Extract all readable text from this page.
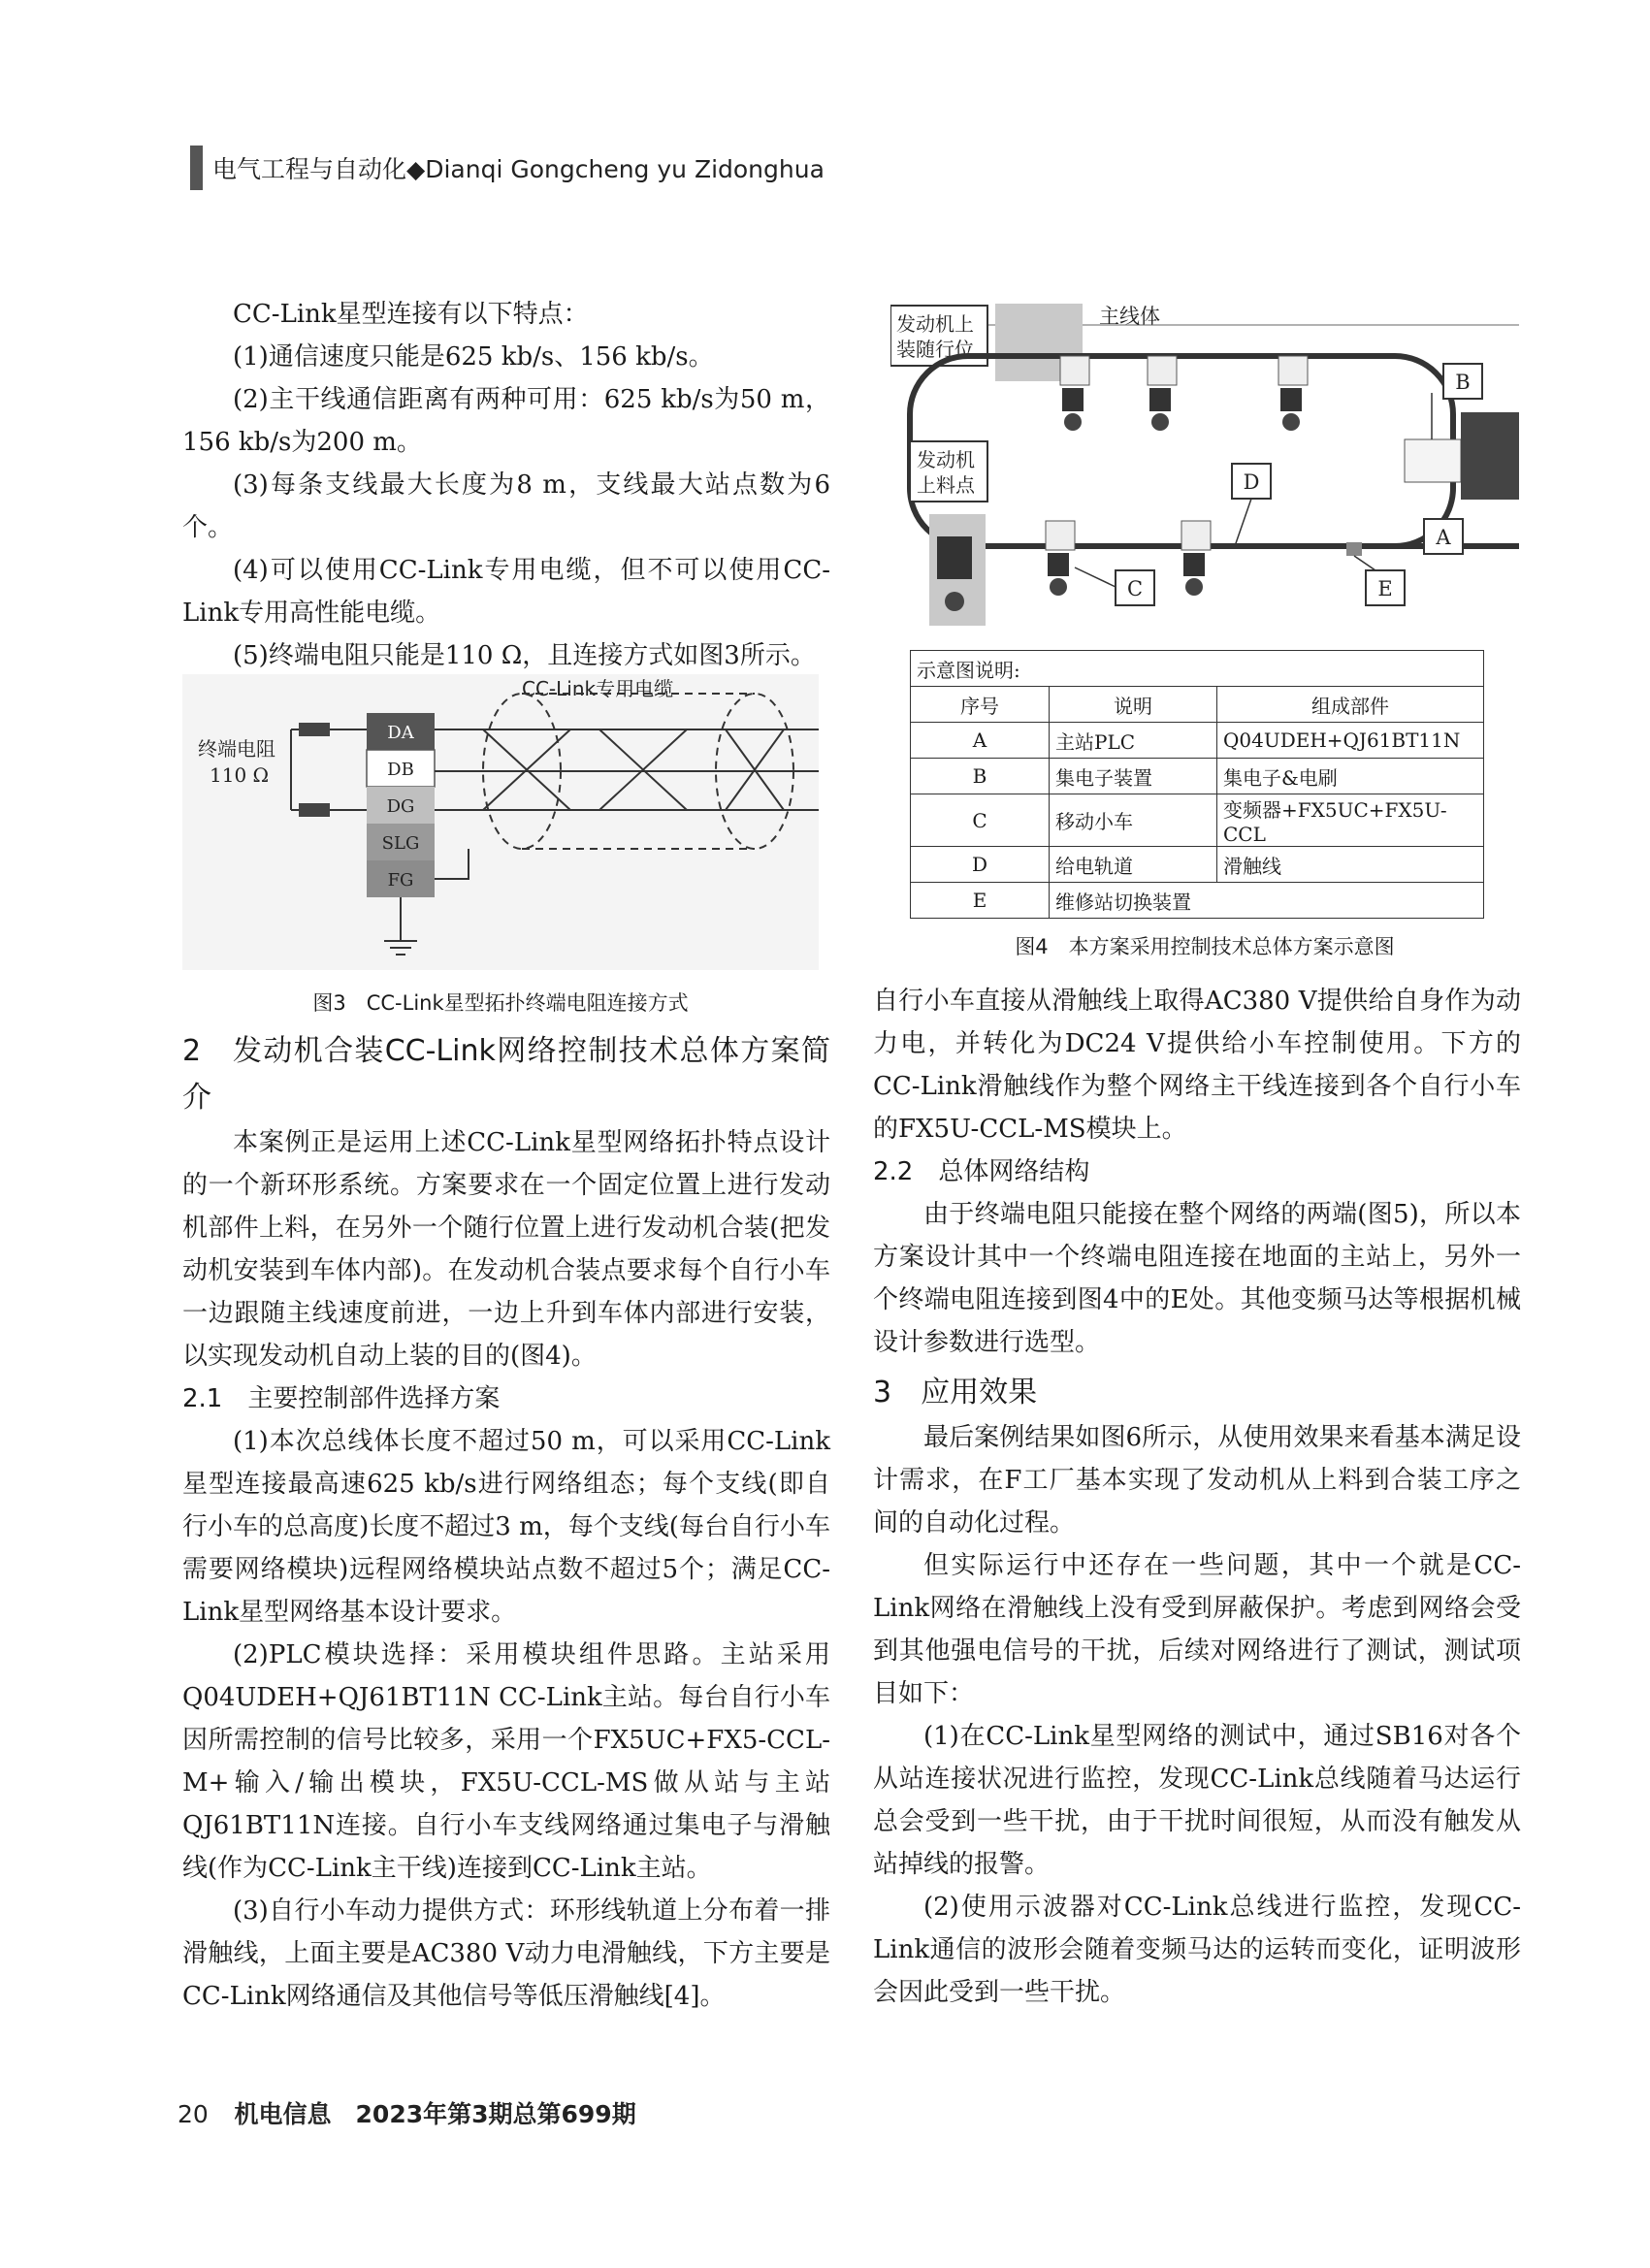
电气工程与自动化◆Dianqi Gongcheng yu Zidonghua

CC-Link星型连接有以下特点：

(1)通信速度只能是625 kb/s、156 kb/s。

(2)主干线通信距离有两种可用：625 kb/s为50 m，156 kb/s为200 m。

(3)每条支线最大长度为8 m，支线最大站点数为6个。

(4)可以使用CC-Link专用电缆，但不可以使用CC-Link专用高性能电缆。

(5)终端电阻只能是110 Ω，且连接方式如图3所示。

终端电阻
110 Ω
CC-Link专用电缆
DA
DB
DG
SLG
FG
图3　CC-Link星型拓扑终端电阻连接方式
2　发动机合装CC-Link网络控制技术总体方案简介

本案例正是运用上述CC-Link星型网络拓扑特点设计的一个新环形系统。方案要求在一个固定位置上进行发动机部件上料，在另外一个随行位置上进行发动机合装(把发动机安装到车体内部)。在发动机合装点要求每个自行小车一边跟随主线速度前进，一边上升到车体内部进行安装，以实现发动机自动上装的目的(图4)。

2.1　主要控制部件选择方案

(1)本次总线体长度不超过50 m，可以采用CC-Link星型连接最高速625 kb/s进行网络组态；每个支线(即自行小车的总高度)长度不超过3 m，每个支线(每台自行小车需要网络模块)远程网络模块站点数不超过5个；满足CC-Link星型网络基本设计要求。

(2)PLC模块选择：采用模块组件思路。主站采用Q04UDEH+QJ61BT11N CC-Link主站。每台自行小车因所需控制的信号比较多，采用一个FX5UC+FX5-CCL-M+输入/输出模块，FX5U-CCL-MS做从站与主站QJ61BT11N连接。自行小车支线网络通过集电子与滑触线(作为CC-Link主干线)连接到CC-Link主站。

(3)自行小车动力提供方式：环形线轨道上分布着一排滑触线，上面主要是AC380 V动力电滑触线，下方主要是CC-Link网络通信及其他信号等低压滑触线[4]。

发动机上
装随行位
主线体
发动机
上料点
B
A
D
C	E
示意图说明:		
序号	说明	组成部件
A	主站PLC	Q04UDEH+QJ61BT11N
B	集电子装置	集电子&电刷
C	移动小车	变频器+FX5UC+FX5U-CCL
D	给电轨道	滑触线
E	维修站切换装置	
图4　本方案采用控制技术总体方案示意图

自行小车直接从滑触线上取得AC380 V提供给自身作为动力电，并转化为DC24 V提供给小车控制使用。下方的CC-Link滑触线作为整个网络主干线连接到各个自行小车的FX5U-CCL-MS模块上。

2.2　总体网络结构

由于终端电阻只能接在整个网络的两端(图5)，所以本方案设计其中一个终端电阻连接在地面的主站上，另外一个终端电阻连接到图4中的E处。其他变频马达等根据机械设计参数进行选型。

3　应用效果

最后案例结果如图6所示，从使用效果来看基本满足设计需求，在F工厂基本实现了发动机从上料到合装工序之间的自动化过程。

但实际运行中还存在一些问题，其中一个就是CC-Link网络在滑触线上没有受到屏蔽保护。考虑到网络会受到其他强电信号的干扰，后续对网络进行了测试，测试项目如下：

(1)在CC-Link星型网络的测试中，通过SB16对各个从站连接状况进行监控，发现CC-Link总线随着马达运行总会受到一些干扰，由于干扰时间很短，从而没有触发从站掉线的报警。

(2)使用示波器对CC-Link总线进行监控，发现CC-Link通信的波形会随着变频马达的运转而变化，证明波形会因此受到一些干扰。

20 机电信息　2023年第3期总第699期
